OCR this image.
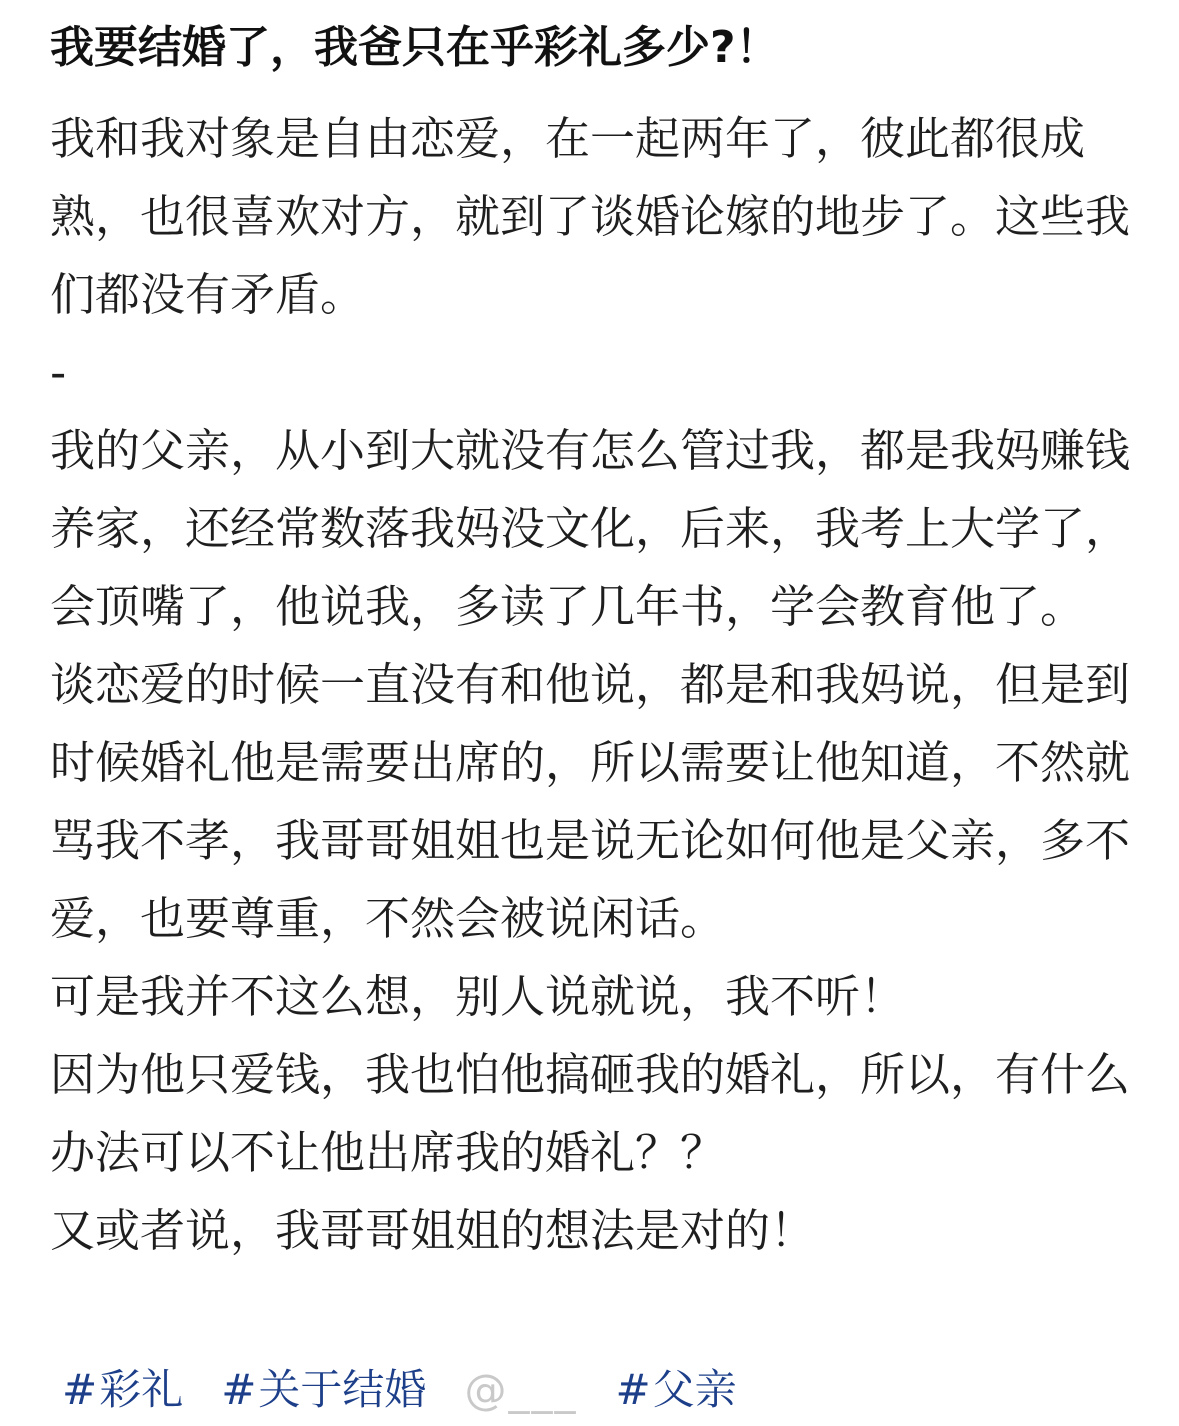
我要结婚了，我爸只在乎彩礼多少?！

我和我对象是自由恋爱，在一起两年了，彼此都很成熟，也很喜欢对方，就到了谈婚论嫁的地步了。这些我们都没有矛盾。

-

我的父亲，从小到大就没有怎么管过我，都是我妈赚钱养家，还经常数落我妈没文化，后来，我考上大学了，会顶嘴了，他说我，多读了几年书，学会教育他了。

谈恋爱的时候一直没有和他说，都是和我妈说，但是到时候婚礼他是需要出席的，所以需要让他知道，不然就骂我不孝，我哥哥姐姐也是说无论如何他是父亲，多不爱，也要尊重，不然会被说闲话。

可是我并不这么想，别人说就说，我不听！

因为他只爱钱，我也怕他搞砸我的婚礼，所以，有什么办法可以不让他出席我的婚礼？？

又或者说，我哥哥姐姐的想法是对的！

#彩礼 #关于结婚 @___ #父亲
